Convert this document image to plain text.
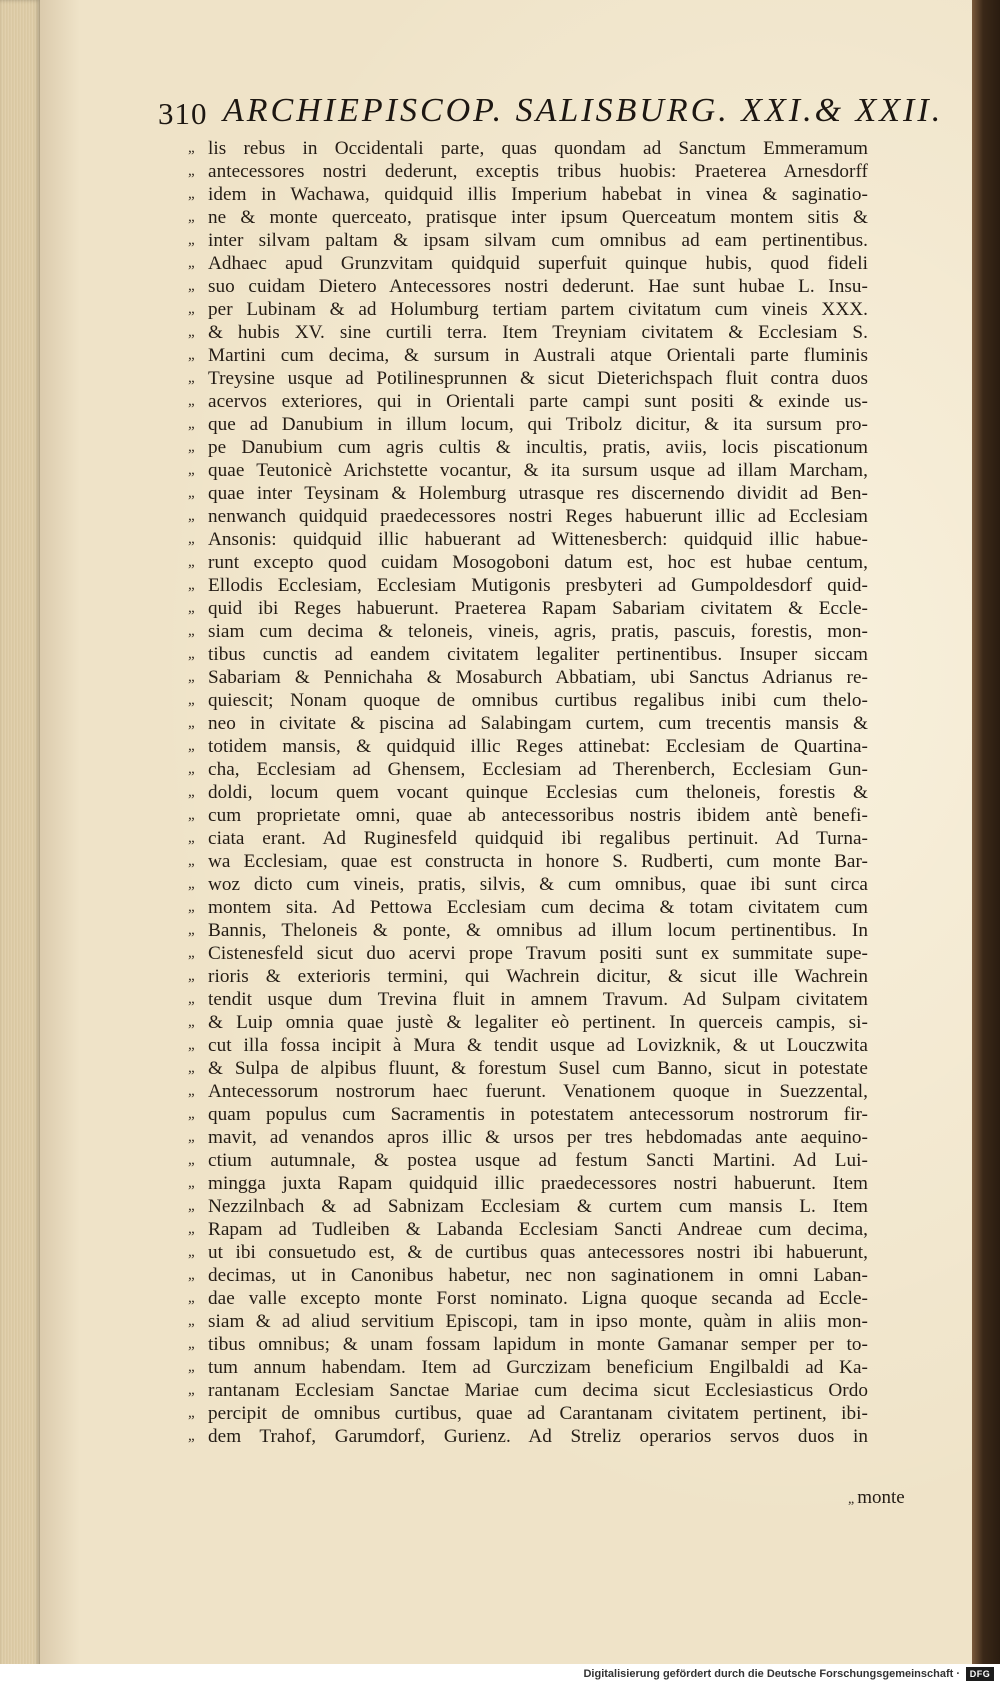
310 ARCHIEPISCOP. SALISBURG. XXI.& XXII.
„ lis rebus in Occidentali parte, quas quondam ad Sanctum Emmeramum
„ antecessores nostri dederunt, exceptis tribus huobis: Praeterea Arnesdorff
„ idem in Wachawa, quidquid illis Imperium habebat in vinea & saginatio-
„ ne & monte querceato, pratisque inter ipsum Querceatum montem sitis &
„ inter silvam paltam & ipsam silvam cum omnibus ad eam pertinentibus.
„ Adhaec apud Grunzvitam quidquid superfuit quinque hubis, quod fideli
„ suo cuidam Dietero Antecessores nostri dederunt. Hae sunt hubae L. Insu-
„ per Lubinam & ad Holumburg tertiam partem civitatum cum vineis XXX.
„ & hubis XV. sine curtili terra. Item Treyniam civitatem & Ecclesiam S.
„ Martini cum decima, & sursum in Australi atque Orientali parte fluminis
„ Treysine usque ad Potilinesprunnen & sicut Dieterichspach fluit contra duos
„ acervos exteriores, qui in Orientali parte campi sunt positi & exinde us-
„ que ad Danubium in illum locum, qui Tribolz dicitur, & ita sursum pro-
„ pe Danubium cum agris cultis & incultis, pratis, aviis, locis piscationum
„ quae Teutonicè Arichstette vocantur, & ita sursum usque ad illam Marcham,
„ quae inter Teysinam & Holemburg utrasque res discernendo dividit ad Ben-
„ nenwanch quidquid praedecessores nostri Reges habuerunt illic ad Ecclesiam
„ Ansonis: quidquid illic habuerant ad Wittenesberch: quidquid illic habue-
„ runt excepto quod cuidam Mosogoboni datum est, hoc est hubae centum,
„ Ellodis Ecclesiam, Ecclesiam Mutigonis presbyteri ad Gumpoldesdorf quid-
„ quid ibi Reges habuerunt. Praeterea Rapam Sabariam civitatem & Eccle-
„ siam cum decima & teloneis, vineis, agris, pratis, pascuis, forestis, mon-
„ tibus cunctis ad eandem civitatem legaliter pertinentibus. Insuper siccam
„ Sabariam & Pennichaha & Mosaburch Abbatiam, ubi Sanctus Adrianus re-
„ quiescit; Nonam quoque de omnibus curtibus regalibus inibi cum thelo-
„ neo in civitate & piscina ad Salabingam curtem, cum trecentis mansis &
„ totidem mansis, & quidquid illic Reges attinebat: Ecclesiam de Quartina-
„ cha, Ecclesiam ad Ghensem, Ecclesiam ad Therenberch, Ecclesiam Gun-
„ doldi, locum quem vocant quinque Ecclesias cum theloneis, forestis &
„ cum proprietate omni, quae ab antecessoribus nostris ibidem antè benefi-
„ ciata erant. Ad Ruginesfeld quidquid ibi regalibus pertinuit. Ad Turna-
„ wa Ecclesiam, quae est constructa in honore S. Rudberti, cum monte Bar-
„ woz dicto cum vineis, pratis, silvis, & cum omnibus, quae ibi sunt circa
„ montem sita. Ad Pettowa Ecclesiam cum decima & totam civitatem cum
„ Bannis, Theloneis & ponte, & omnibus ad illum locum pertinentibus. In
„ Cistenesfeld sicut duo acervi prope Travum positi sunt ex summitate supe-
„ rioris & exterioris termini, qui Wachrein dicitur, & sicut ille Wachrein
„ tendit usque dum Trevina fluit in amnem Travum. Ad Sulpam civitatem
„ & Luip omnia quae justè & legaliter eò pertinent. In querceis campis, si-
„ cut illa fossa incipit à Mura & tendit usque ad Lovizknik, & ut Louczwita
„ & Sulpa de alpibus fluunt, & forestum Susel cum Banno, sicut in potestate
„ Antecessorum nostrorum haec fuerunt. Venationem quoque in Suezzental,
„ quam populus cum Sacramentis in potestatem antecessorum nostrorum fir-
„ mavit, ad venandos apros illic & ursos per tres hebdomadas ante aequino-
„ ctium autumnale, & postea usque ad festum Sancti Martini. Ad Lui-
„ mingga juxta Rapam quidquid illic praedecessores nostri habuerunt. Item
„ Nezzilnbach & ad Sabnizam Ecclesiam & curtem cum mansis L. Item
„ Rapam ad Tudleiben & Labanda Ecclesiam Sancti Andreae cum decima,
„ ut ibi consuetudo est, & de curtibus quas antecessores nostri ibi habuerunt,
„ decimas, ut in Canonibus habetur, nec non saginationem in omni Laban-
„ dae valle excepto monte Forst nominato. Ligna quoque secanda ad Eccle-
„ siam & ad aliud servitium Episcopi, tam in ipso monte, quàm in aliis mon-
„ tibus omnibus; & unam fossam lapidum in monte Gamanar semper per to-
„ tum annum habendam. Item ad Gurczizam beneficium Engilbaldi ad Ka-
„ rantanam Ecclesiam Sanctae Mariae cum decima sicut Ecclesiasticus Ordo
„ percipit de omnibus curtibus, quae ad Carantanam civitatem pertinent, ibi-
„ dem Trahof, Garumdorf, Gurienz. Ad Streliz operarios servos duos in
„ monte
Digitalisierung gefördert durch die Deutsche Forschungsgemeinschaft ·	DFG
